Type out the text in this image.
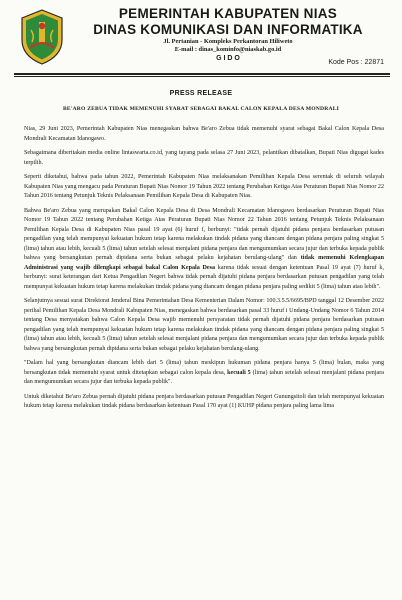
PEMERINTAH KABUPATEN NIAS
DINAS KOMUNIKASI DAN INFORMATIKA
Jl. Pertanian - Kompleks Perkantoran Hiliweto
E-mail : dinas_kominfo@niaskab.go.id
G I D O
Kode Pos : 22871
PRESS RELEASE
BE'ARO ZEBUA TIDAK MEMENUHI SYARAT SEBAGAI BAKAL CALON KEPALA DESA MONDRALI

Nias, 29 Juni 2023, Pemerintah Kabupaten Nias menegaskan bahwa Be'aro Zebua tidak memenuhi syarat sebagai Bakal Calon Kepala Desa Mondrali Kecamatan Idanogawo.

Sebagaimana diberitakan media online lintaswarta.co.id, yang tayang pada selasa 27 Juni 2023, pelantikan dibatalkan, Bupati Nias digugat kades terpilih.

Seperti diketahui, bahwa pada tahun 2022, Pemerintah Kabupaten Nias melaksanakan Pemilihan Kepala Desa serentak di seluruh wilayah Kabupaten Nias yang mengacu pada Peraturan Bupati Nias Nomor 19 Tahun 2022 tentang Perubahan Ketiga Atas Peraturan Bupati Nias Nomor 22 Tahun 2016 tentang Petunjuk Teknis Pelaksanaan Pemilihan Kepala Desa di Kabupaten Nias.

Bahwa Be'aro Zebua yang merupakan Bakal Calon Kepala Desa di Desa Mondrali Kecamatan Idanogawo berdasarkan Peraturan Bupati Nias Nomor 19 Tahun 2022 tentang Perubahan Ketiga Atas Peraturan Bupati Nias Nomor 22 Tahun 2016 tentang Petunjuk Teknis Pelaksanaan Pemilihan Kepala Desa di Kabupaten Nias pasal 19 ayat (6) huruf f, berbunyi: "tidak pernah dijatuhi pidana penjara berdasarkan putusan pengadilan yang telah mempunyai kekuatan hukum tetap karena melakukan tindak pidana yang diancam dengan pidana penjara paling singkat 5 (lima) tahun atau lebih, kecuali 5 (lima) tahun setelah selesai menjalani pidana penjara dan mengumumkan secara jujur dan terbuka kepada publik bahwa yang bersangkutan pernah dipidana serta bukan sebagai pelaku kejahatan berulang-ulang" dan tidak memenuhi Kelengkapan Administrasi yang wajib dilengkapi sebagai bakal Calon Kepala Desa karena tidak sesuai dengan ketentuan Pasal 19 ayat (7) huruf k, berbunyi: surat keterangan dari Ketua Pengadilan Negeri bahwa tidak pernah dijatuhi pidana penjara berdasarkan putusan pengadilan yang telah mempunyai kekuatan hukum tetap karena melakukan tindak pidana yang diancam dengan pidana penjara paling sedikit 5 (lima) tahun atau lebih".

Selanjutnya sesuai surat Direktorat Jenderal Bina Pemerintahan Desa Kementerian Dalam Nomor: 100.3.5.5/6695/BPD tanggal 12 Desember 2022 perihal Pemilihan Kepala Desa Mondrali Kabupaten Nias, menegaskan bahwa berdasarkan pasal 33 huruf i Undang-Undang Nomor 6 Tahun 2014 tentang Desa menyatakan bahwa Calon Kepala Desa wajib memenuhi persyaratan tidak pernah dijatuhi pidana penjara berdasarkan putusan pengadilan yang telah mempunyai kekuatan hukum tetap karena melakukan tindak pidana yang diancam dengan pidana penjara paling singkat 5 (lima) tahun atau lebih, kecuali 5 (lima) tahun setelah selesai menjalani pidana penjara dan mengumumkan secara jujur dan terbuka kepada publik bahwa yang bersangkutan pernah dipidana serta bukan sebagai pelaku kejahatan berulang-ulang.

"Dalam hal yang bersangkutan diancam lebih dari 5 (lima) tahun meskipun hukuman pidana penjara hanya 5 (lima) bulan, maka yang bersangkutan tidak memenuhi syarat untuk ditetapkan sebagai calon kepala desa, kecuali 5 (lima) tahun setelah selesai menjalani pidana penjara dan mengumumkan secara jujur dan terbuka kepada publik".

Untuk diketahui Be'aro Zebua pernah dijatuhi pidana penjara berdasarkan putusan Pengadilan Negeri Gunungsitoli dan telah mempunyai kekuatan hukum tetap karena melakukan tindak pidana berdasarkan ketentuan Pasal 170 ayat (1) KUHP pidana penjara paling lama lima
